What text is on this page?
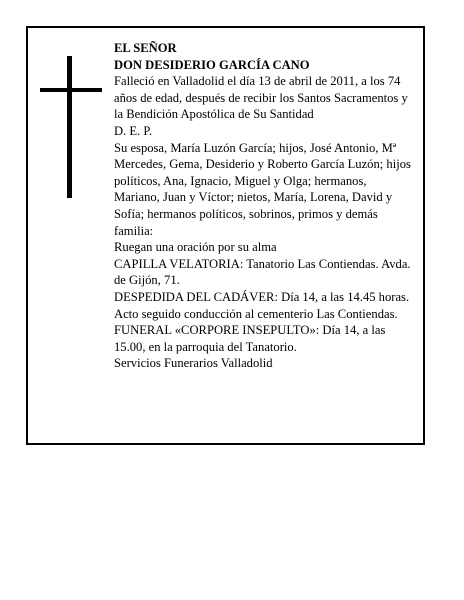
EL SEÑOR

DON DESIDERIO GARCÍA CANO

Falleció en Valladolid el día 13 de abril de 2011, a los 74 años de edad, después de recibir los Santos Sacramentos y la Bendición Apostólica de Su Santidad

D. E. P.

Su esposa, María Luzón García; hijos, José Antonio, Mª Mercedes, Gema, Desiderio y Roberto García Luzón; hijos políticos, Ana, Ignacio, Miguel y Olga; hermanos, Mariano, Juan y Víctor; nietos, María, Lorena, David y Sofía; hermanos políticos, sobrinos, primos y demás familia:

Ruegan una oración por su alma

CAPILLA VELATORIA: Tanatorio Las Contiendas. Avda. de Gijón, 71.

DESPEDIDA DEL CADÁVER: Día 14, a las 14.45 horas. Acto seguido conducción al cementerio Las Contiendas.

FUNERAL «CORPORE INSEPULTO»: Día 14, a las 15.00, en la parroquia del Tanatorio.

Servicios Funerarios Valladolid
